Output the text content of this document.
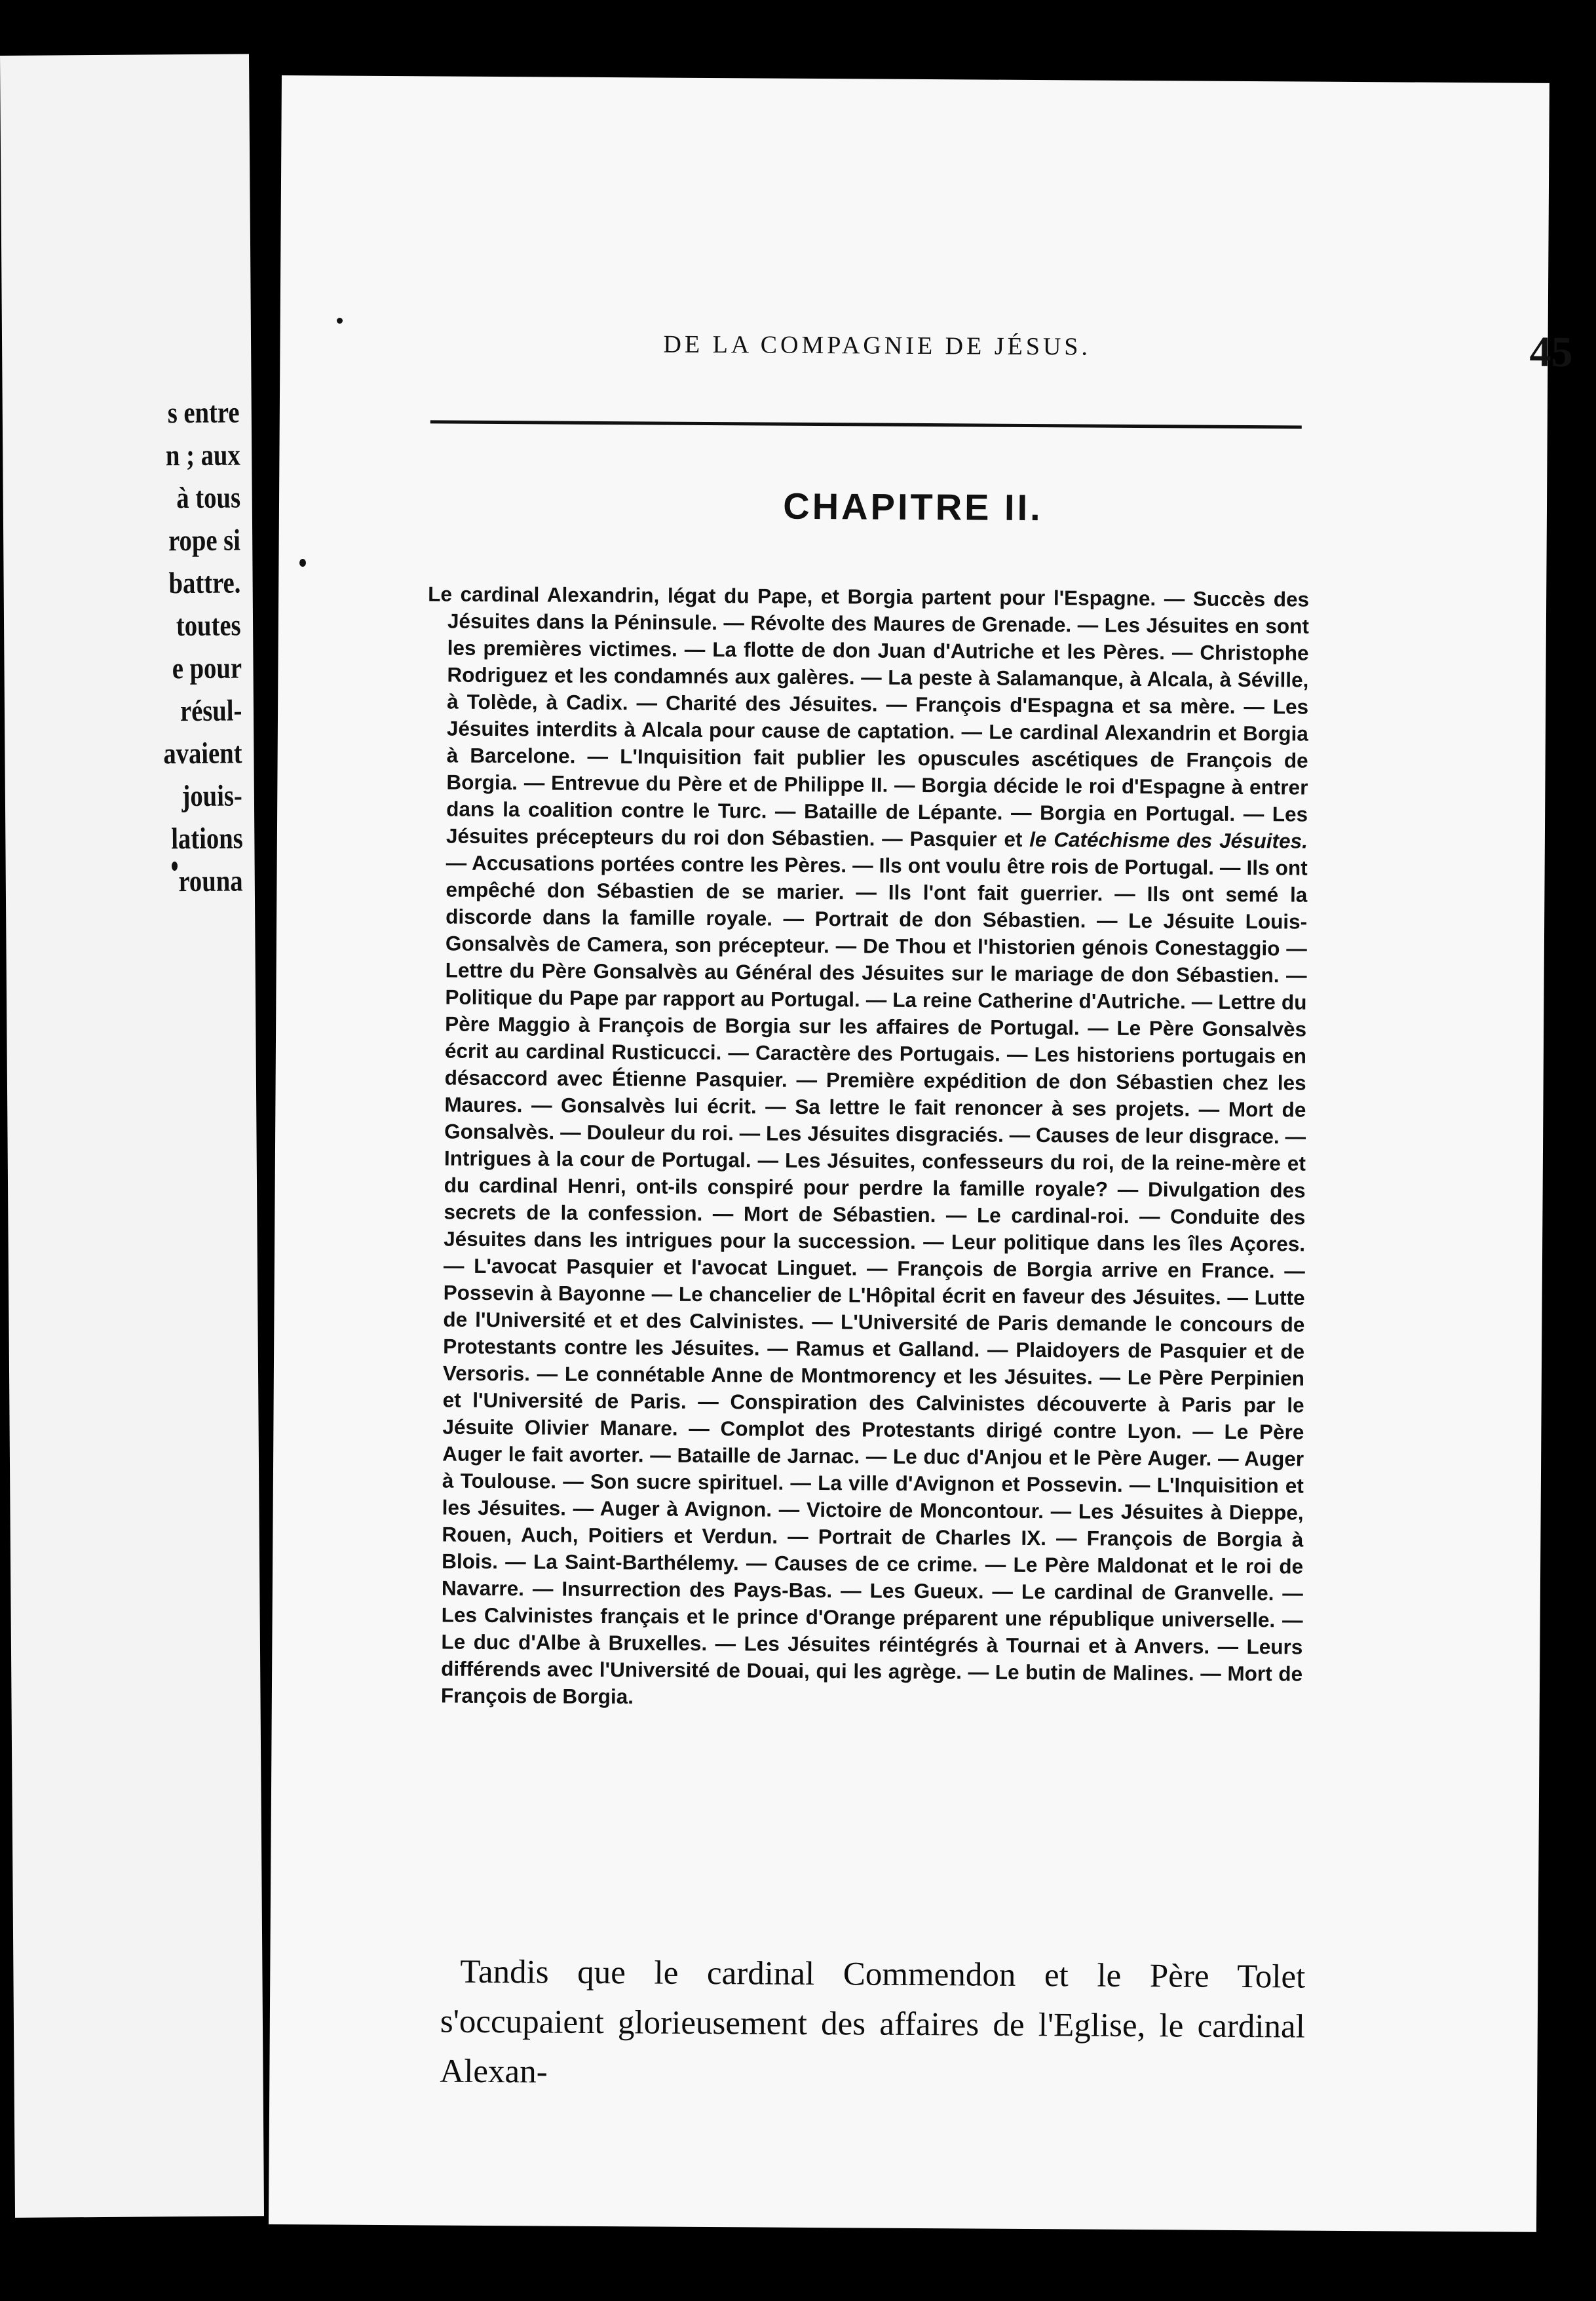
s entre
n ; aux
à tous
rope si
battre.
toutes
e pour
résul-
avaient
jouis-
lations
rouna
DE LA COMPAGNIE DE JÉSUS.	45
CHAPITRE II.

Le cardinal Alexandrin, légat du Pape, et Borgia partent pour l'Espagne. — Succès des Jésuites dans la Péninsule. — Révolte des Maures de Grenade. — Les Jésuites en sont les premières victimes. — La flotte de don Juan d'Autriche et les Pères. — Christophe Rodriguez et les condamnés aux galères. — La peste à Salamanque, à Alcala, à Séville, à Tolède, à Cadix. — Charité des Jésuites. — François d'Espagna et sa mère. — Les Jésuites interdits à Alcala pour cause de captation. — Le cardinal Alexandrin et Borgia à Barcelone. — L'Inquisition fait publier les opuscules ascétiques de François de Borgia. — Entrevue du Père et de Philippe II. — Borgia décide le roi d'Espagne à entrer dans la coalition contre le Turc. — Bataille de Lépante. — Borgia en Portugal. — Les Jésuites précepteurs du roi don Sébastien. — Pasquier et le Catéchisme des Jésuites. — Accusations portées contre les Pères. — Ils ont voulu être rois de Portugal. — Ils ont empêché don Sébastien de se marier. — Ils l'ont fait guerrier. — Ils ont semé la discorde dans la famille royale. — Portrait de don Sébastien. — Le Jésuite Louis-Gonsalvès de Camera, son précepteur. — De Thou et l'historien génois Conestaggio — Lettre du Père Gonsalvès au Général des Jésuites sur le mariage de don Sébastien. — Politique du Pape par rapport au Portugal. — La reine Catherine d'Autriche. — Lettre du Père Maggio à François de Borgia sur les affaires de Portugal. — Le Père Gonsalvès écrit au cardinal Rusticucci. — Caractère des Portugais. — Les historiens portugais en désaccord avec Étienne Pasquier. — Première expédition de don Sébastien chez les Maures. — Gonsalvès lui écrit. — Sa lettre le fait renoncer à ses projets. — Mort de Gonsalvès. — Douleur du roi. — Les Jésuites disgraciés. — Causes de leur disgrace. — Intrigues à la cour de Portugal. — Les Jésuites, confesseurs du roi, de la reine-mère et du cardinal Henri, ont-ils conspiré pour perdre la famille royale? — Divulgation des secrets de la confession. — Mort de Sébastien. — Le cardinal-roi. — Conduite des Jésuites dans les intrigues pour la succession. — Leur politique dans les îles Açores. — L'avocat Pasquier et l'avocat Linguet. — François de Borgia arrive en France. — Possevin à Bayonne — Le chancelier de L'Hôpital écrit en faveur des Jésuites. — Lutte de l'Université et et des Calvinistes. — L'Université de Paris demande le concours de Protestants contre les Jésuites. — Ramus et Galland. — Plaidoyers de Pasquier et de Versoris. — Le connétable Anne de Montmorency et les Jésuites. — Le Père Perpinien et l'Université de Paris. — Conspiration des Calvinistes découverte à Paris par le Jésuite Olivier Manare. — Complot des Protestants dirigé contre Lyon. — Le Père Auger le fait avorter. — Bataille de Jarnac. — Le duc d'Anjou et le Père Auger. — Auger à Toulouse. — Son sucre spirituel. — La ville d'Avignon et Possevin. — L'Inquisition et les Jésuites. — Auger à Avignon. — Victoire de Moncontour. — Les Jésuites à Dieppe, Rouen, Auch, Poitiers et Verdun. — Portrait de Charles IX. — François de Borgia à Blois. — La Saint-Barthélemy. — Causes de ce crime. — Le Père Maldonat et le roi de Navarre. — Insurrection des Pays-Bas. — Les Gueux. — Le cardinal de Granvelle. — Les Calvinistes français et le prince d'Orange préparent une république universelle. — Le duc d'Albe à Bruxelles. — Les Jésuites réintégrés à Tournai et à Anvers. — Leurs différends avec l'Université de Douai, qui les agrège. — Le butin de Malines. — Mort de François de Borgia.

Tandis que le cardinal Commendon et le Père Tolet s'occupaient glorieusement des affaires de l'Eglise, le cardinal Alexan-
